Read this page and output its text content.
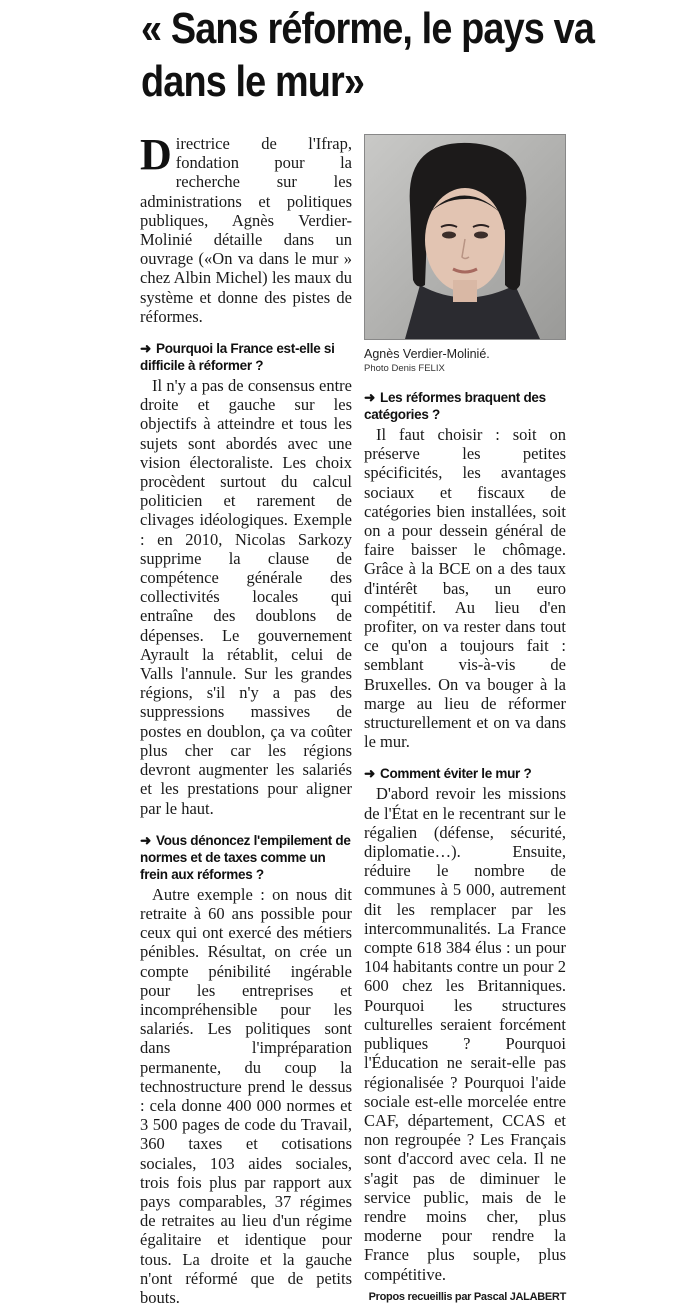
« Sans réforme, le pays va dans le mur»

Directrice de l'Ifrap, fondation pour la recherche sur les administrations et politiques publiques, Agnès Verdier-Molinié détaille dans un ouvrage («On va dans le mur » chez Albin Michel) les maux du système et donne des pistes de réformes.

➜ Pourquoi la France est-elle si difficile à réformer ?

Il n'y a pas de consensus entre droite et gauche sur les objectifs à atteindre et tous les sujets sont abordés avec une vision électoraliste. Les choix procèdent surtout du calcul politicien et rarement de clivages idéologiques. Exemple : en 2010, Nicolas Sarkozy supprime la clause de compétence générale des collectivités locales qui entraîne des doublons de dépenses. Le gouvernement Ayrault la rétablit, celui de Valls l'annule. Sur les grandes régions, s'il n'y a pas des suppressions massives de postes en doublon, ça va coûter plus cher car les régions devront augmenter les salariés et les prestations pour aligner par le haut.

➜ Vous dénoncez l'empilement de normes et de taxes comme un frein aux réformes ?

Autre exemple : on nous dit retraite à 60 ans possible pour ceux qui ont exercé des métiers pénibles. Résultat, on crée un compte pénibilité ingérable pour les entreprises et incompréhensible pour les salariés. Les politiques sont dans l'impréparation permanente, du coup la technostructure prend le dessus : cela donne 400 000 normes et 3 500 pages de code du Travail, 360 taxes et cotisations sociales, 103 aides sociales, trois fois plus par rapport aux pays comparables, 37 régimes de retraites au lieu d'un régime égalitaire et identique pour tous. La droite et la gauche n'ont réformé que de petits bouts.

Agnès Verdier-Molinié.
Photo Denis FELIX
➜ Les réformes braquent des catégories ?

Il faut choisir : soit on préserve les petites spécificités, les avantages sociaux et fiscaux de catégories bien installées, soit on a pour dessein général de faire baisser le chômage. Grâce à la BCE on a des taux d'intérêt bas, un euro compétitif. Au lieu d'en profiter, on va rester dans tout ce qu'on a toujours fait : semblant vis-à-vis de Bruxelles. On va bouger à la marge au lieu de réformer structurellement et on va dans le mur.

➜ Comment éviter le mur ?

D'abord revoir les missions de l'État en le recentrant sur le régalien (défense, sécurité, diplomatie…). Ensuite, réduire le nombre de communes à 5 000, autrement dit les remplacer par les intercommunalités. La France compte 618 384 élus : un pour 104 habitants contre un pour 2 600 chez les Britanniques. Pourquoi les structures culturelles seraient forcément publiques ? Pourquoi l'Éducation ne serait-elle pas régionalisée ? Pourquoi l'aide sociale est-elle morcelée entre CAF, département, CCAS et non regroupée ? Les Français sont d'accord avec cela. Il ne s'agit pas de diminuer le service public, mais de le rendre moins cher, plus moderne pour rendre la France plus souple, plus compétitive.

Propos recueillis par Pascal JALABERT
